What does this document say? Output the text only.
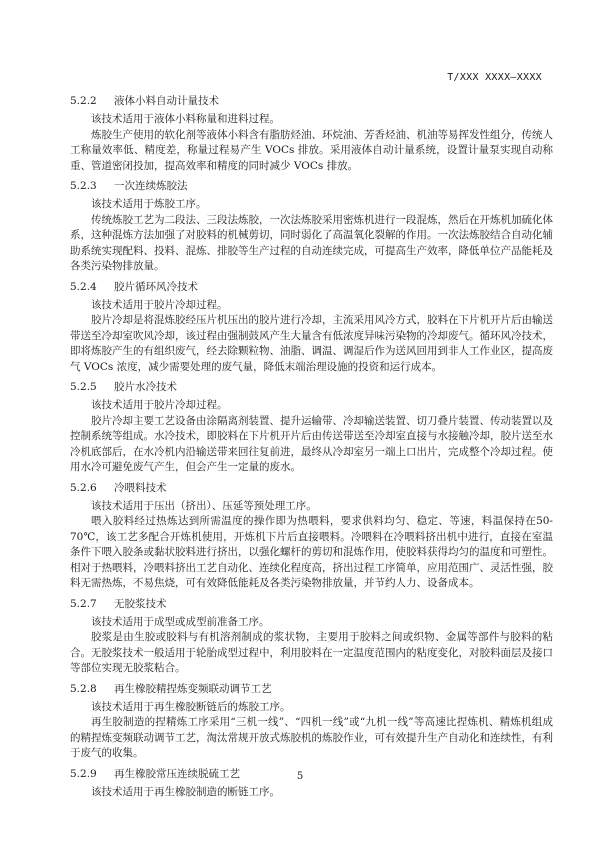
T/XXX XXXX—XXXX
5.2.2	液体小料自动计量技术

该技术适用于液体小料称量和进料过程。

炼胶生产使用的软化剂等液体小料含有脂肪烃油、环烷油、芳香烃油、机油等易挥发性组分，传统人工称量效率低、精度差，称量过程易产生 VOCs 排放。采用液体自动计量系统，设置计量泵实现自动称重、管道密闭投加，提高效率和精度的同时减少 VOCs 排放。

5.2.3	一次连续炼胶法

该技术适用于炼胶工序。

传统炼胶工艺为二段法、三段法炼胶，一次法炼胶采用密炼机进行一段混炼，然后在开炼机加硫化体系，这种混炼方法加强了对胶料的机械剪切，同时弱化了高温氧化裂解的作用。一次法炼胶结合自动化辅助系统实现配料、投料、混炼、排胶等生产过程的自动连续完成，可提高生产效率，降低单位产品能耗及各类污染物排放量。

5.2.4	胶片循环风冷技术

该技术适用于胶片冷却过程。

胶片冷却是将混炼胶经压片机压出的胶片进行冷却，主流采用风冷方式，胶料在下片机开片后由输送带送至冷却室吹风冷却，该过程由强制鼓风产生大量含有低浓度异味污染物的冷却废气。循环风冷技术，即将炼胶产生的有组织废气，经去除颗粒物、油脂、调温、调湿后作为送风回用到非人工作业区，提高废气 VOCs 浓度，减少需要处理的废气量，降低末端治理设施的投资和运行成本。

5.2.5	胶片水冷技术

该技术适用于胶片冷却过程。

胶片冷却主要工艺设备由涂隔离剂装置、提升运输带、冷却输送装置、切刀叠片装置、传动装置以及控制系统等组成。水冷技术，即胶料在下片机开片后由传送带送至冷却室直接与水接触冷却，胶片送至水冷机底部后，在水冷机内沿输送带来回往复前进，最终从冷却室另一端上口出片，完成整个冷却过程。使用水冷可避免废气产生，但会产生一定量的废水。

5.2.6	冷喂料技术

该技术适用于压出（挤出）、压延等预处理工序。

喂入胶料经过热炼达到所需温度的操作即为热喂料，要求供料均匀、稳定、等速，料温保持在50-70℃，该工艺多配合开炼机使用，开炼机下片后直接喂料。冷喂料在冷喂料挤出机中进行，直接在室温条件下喂入胶条或黏状胶料进行挤出，以强化螺杆的剪切和混炼作用，使胶料获得均匀的温度和可塑性。相对于热喂料，冷喂料挤出工艺自动化、连续化程度高，挤出过程工序简单，应用范围广、灵活性强，胶料无需热炼，不易焦烧，可有效降低能耗及各类污染物排放量，并节约人力、设备成本。

5.2.7	无胶浆技术

该技术适用于成型或成型前准备工序。

胶浆是由生胶或胶料与有机溶剂制成的浆状物，主要用于胶料之间或织物、金属等部件与胶料的粘合。无胶浆技术一般适用于轮胎成型过程中，利用胶料在一定温度范围内的粘度变化，对胶料面层及接口等部位实现无胶浆粘合。

5.2.8	再生橡胶精捏炼变频联动调节工艺

该技术适用于再生橡胶断链后的炼胶工序。

再生胶制造的捏精炼工序采用“三机一线”、“四机一线”或“九机一线”等高速比捏炼机、精炼机组成的精捏炼变频联动调节工艺，淘汰常规开放式炼胶机的炼胶作业，可有效提升生产自动化和连续性，有利于废气的收集。

5.2.9	再生橡胶常压连续脱硫工艺

该技术适用于再生橡胶制造的断链工序。

5
